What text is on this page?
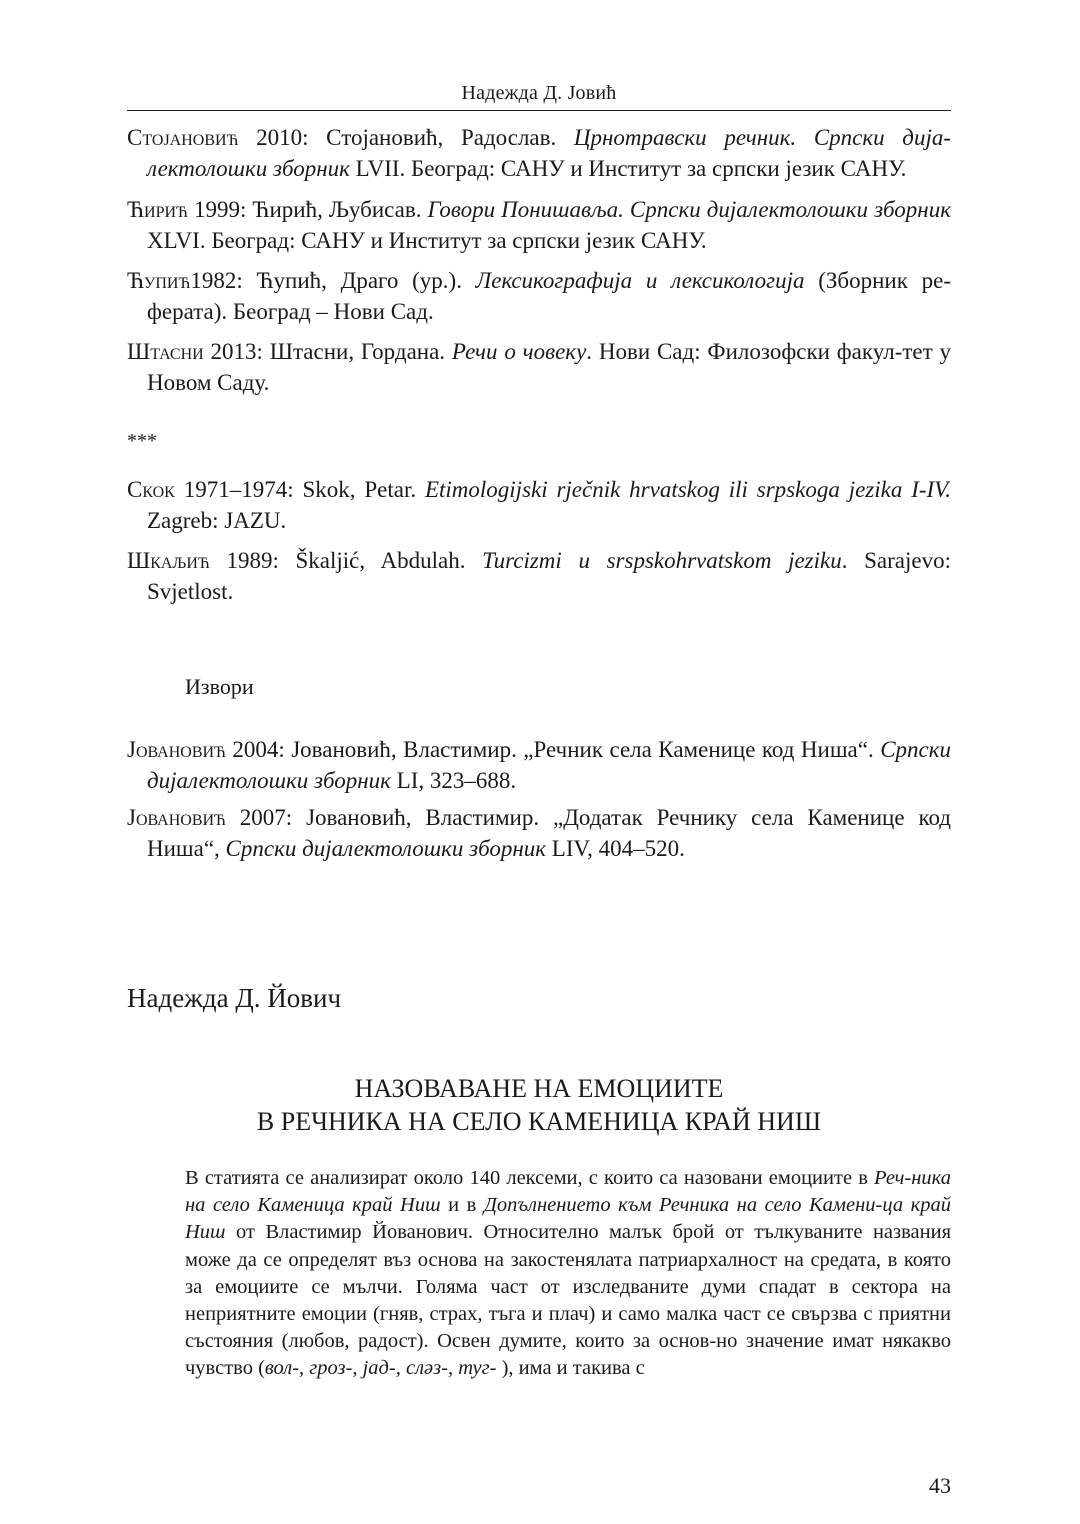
Надежда Д. Јовић
Стојановић 2010: Стојановић, Радослав. Црнотравски речник. Српски дија-лектолошки зборник LVII. Београд: САНУ и Институт за српски језик САНУ.
Ћирић 1999: Ћирић, Љубисав. Говори Понишављa. Српски дијалектолошки зборник XLVI. Београд: САНУ и Институт за српски језик САНУ.
Ћупић1982: Ћупић, Драго (ур.). Лексикографија и лексикологија (Зборник ре-ферата). Београд – Нови Сад.
Штасни 2013: Штасни, Гордана. Речи о човеку. Нови Сад: Филозофски факул-тет у Новом Саду.
***
Скок 1971–1974: Skok, Petar. Etimologijski rječnik hrvatskog ili srpskoga jezika I-IV. Zagreb: JAZU.
Шкаљић 1989: Škaljić, Abdulah. Turcizmi u srspskohrvatskom jeziku. Sarajevo: Svjetlost.
Извори
Јовановић 2004: Јовановић, Властимир. „Речник села Каменице код Ниша“. Српски дијалектолошки зборник LI, 323–688.
Јовановић 2007: Јовановић, Властимир. „Додатак Речнику села Каменице код Ниша“, Српски дијалектолошки зборник LIV, 404–520.
Надежда Д. Йович
НАЗОВАВАНЕ НА ЕМОЦИИТЕ
В РЕЧНИКА НА СЕЛО КАМЕНИЦА КРАЙ НИШ
В статията се анализират около 140 лексеми, с които са назовани емоциите в Реч-ника на село Каменица край Ниш и в Допълнението към Речника на село Камени-ца край Ниш от Властимир Йованович. Относително малък брой от тълкуваните названия може да се определят въз основа на закостенялата патриархалност на средата, в която за емоциите се мълчи. Голяма част от изследваните думи спадат в сектора на неприятните емоции (гняв, страх, тъга и плач) и само малка част се свързва с приятни състояния (любов, радост). Освен думите, които за основ-но значение имат някакво чувство (вол-, гроз-, јад-, слəз-, туг- ), има и такива с
43
